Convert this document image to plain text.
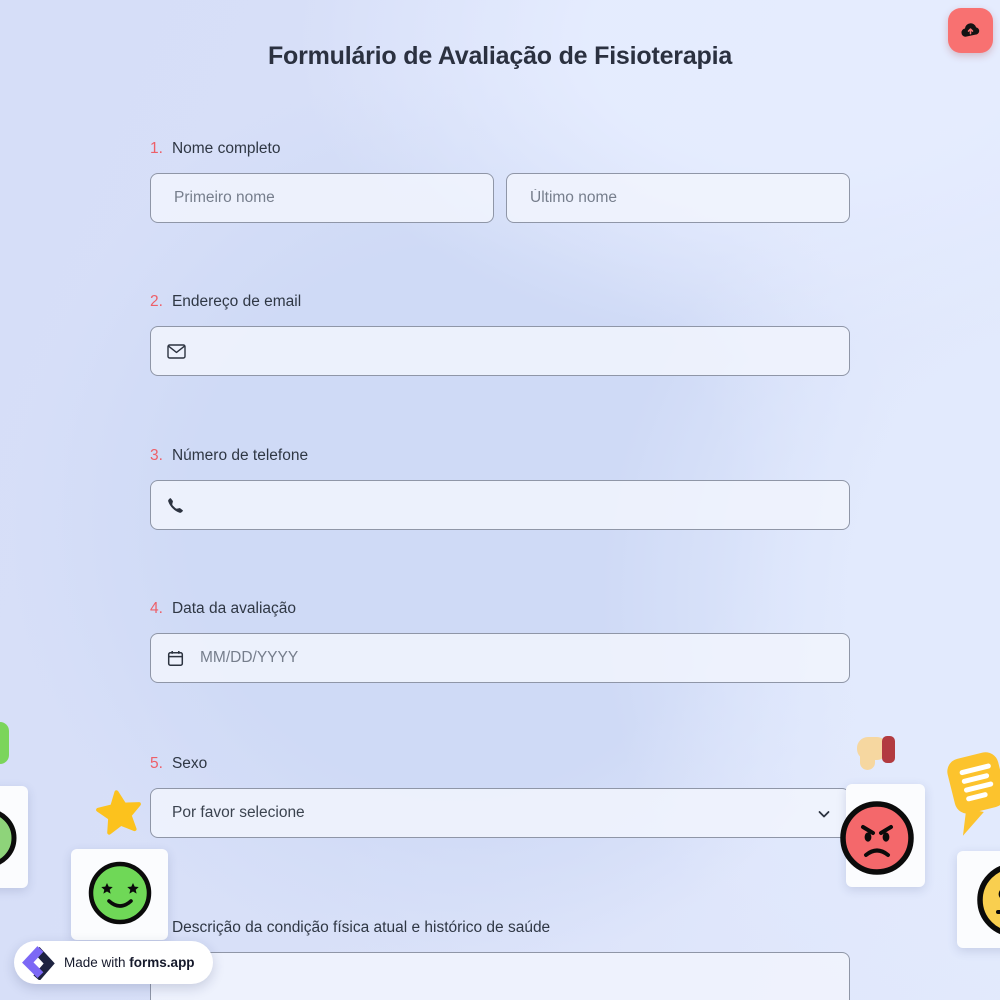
Formulário de Avaliação de Fisioterapia
1. Nome completo
Primeiro nome
Último nome
2. Endereço de email
3. Número de telefone
4. Data da avaliação
MM/DD/YYYY
5. Sexo
Por favor selecione
Descrição da condição física atual e histórico de saúde
Made with forms.app
